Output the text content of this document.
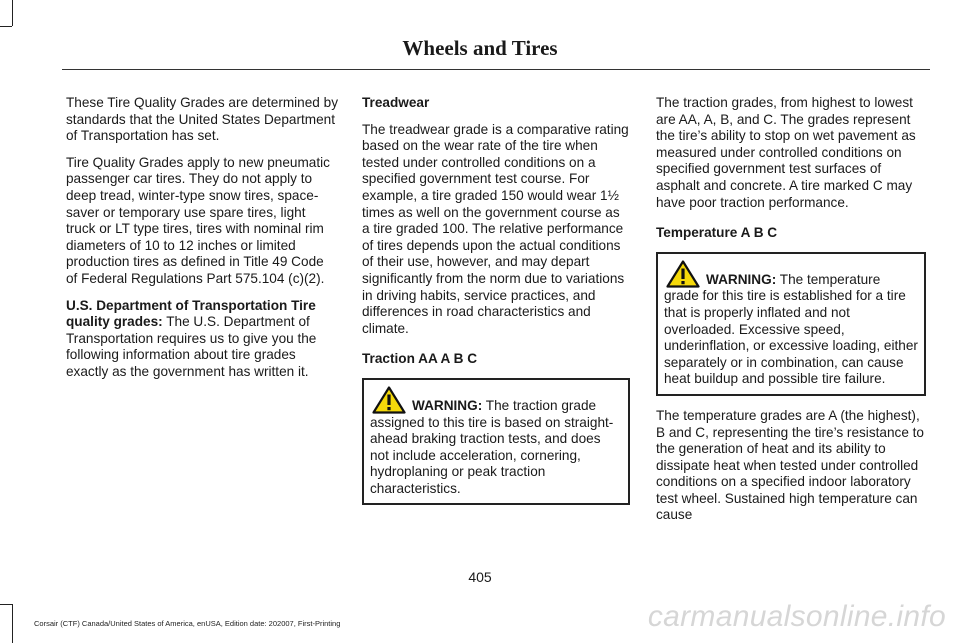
Wheels and Tires

These Tire Quality Grades are determined by standards that the United States Department of Transportation has set.

Tire Quality Grades apply to new pneumatic passenger car tires. They do not apply to deep tread, winter-type snow tires, space-saver or temporary use spare tires, light truck or LT type tires, tires with nominal rim diameters of 10 to 12 inches or limited production tires as defined in Title 49 Code of Federal Regulations Part 575.104 (c)(2).

U.S. Department of Transportation Tire quality grades: The U.S. Department of Transportation requires us to give you the following information about tire grades exactly as the government has written it.

Treadwear

The treadwear grade is a comparative rating based on the wear rate of the tire when tested under controlled conditions on a specified government test course. For example, a tire graded 150 would wear 1½ times as well on the government course as a tire graded 100. The relative performance of tires depends upon the actual conditions of their use, however, and may depart significantly from the norm due to variations in driving habits, service practices, and differences in road characteristics and climate.

Traction AA A B C

WARNING: The traction grade assigned to this tire is based on straight-ahead braking traction tests, and does not include acceleration, cornering, hydroplaning or peak traction characteristics.

The traction grades, from highest to lowest are AA, A, B, and C. The grades represent the tire’s ability to stop on wet pavement as measured under controlled conditions on specified government test surfaces of asphalt and concrete. A tire marked C may have poor traction performance.

Temperature A B C

WARNING: The temperature grade for this tire is established for a tire that is properly inflated and not overloaded. Excessive speed, underinflation, or excessive loading, either separately or in combination, can cause heat buildup and possible tire failure.

The temperature grades are A (the highest), B and C, representing the tire’s resistance to the generation of heat and its ability to dissipate heat when tested under controlled conditions on a specified indoor laboratory test wheel. Sustained high temperature can cause

405
Corsair (CTF) Canada/United States of America, enUSA, Edition date: 202007, First-Printing	carmanualsonline.info
